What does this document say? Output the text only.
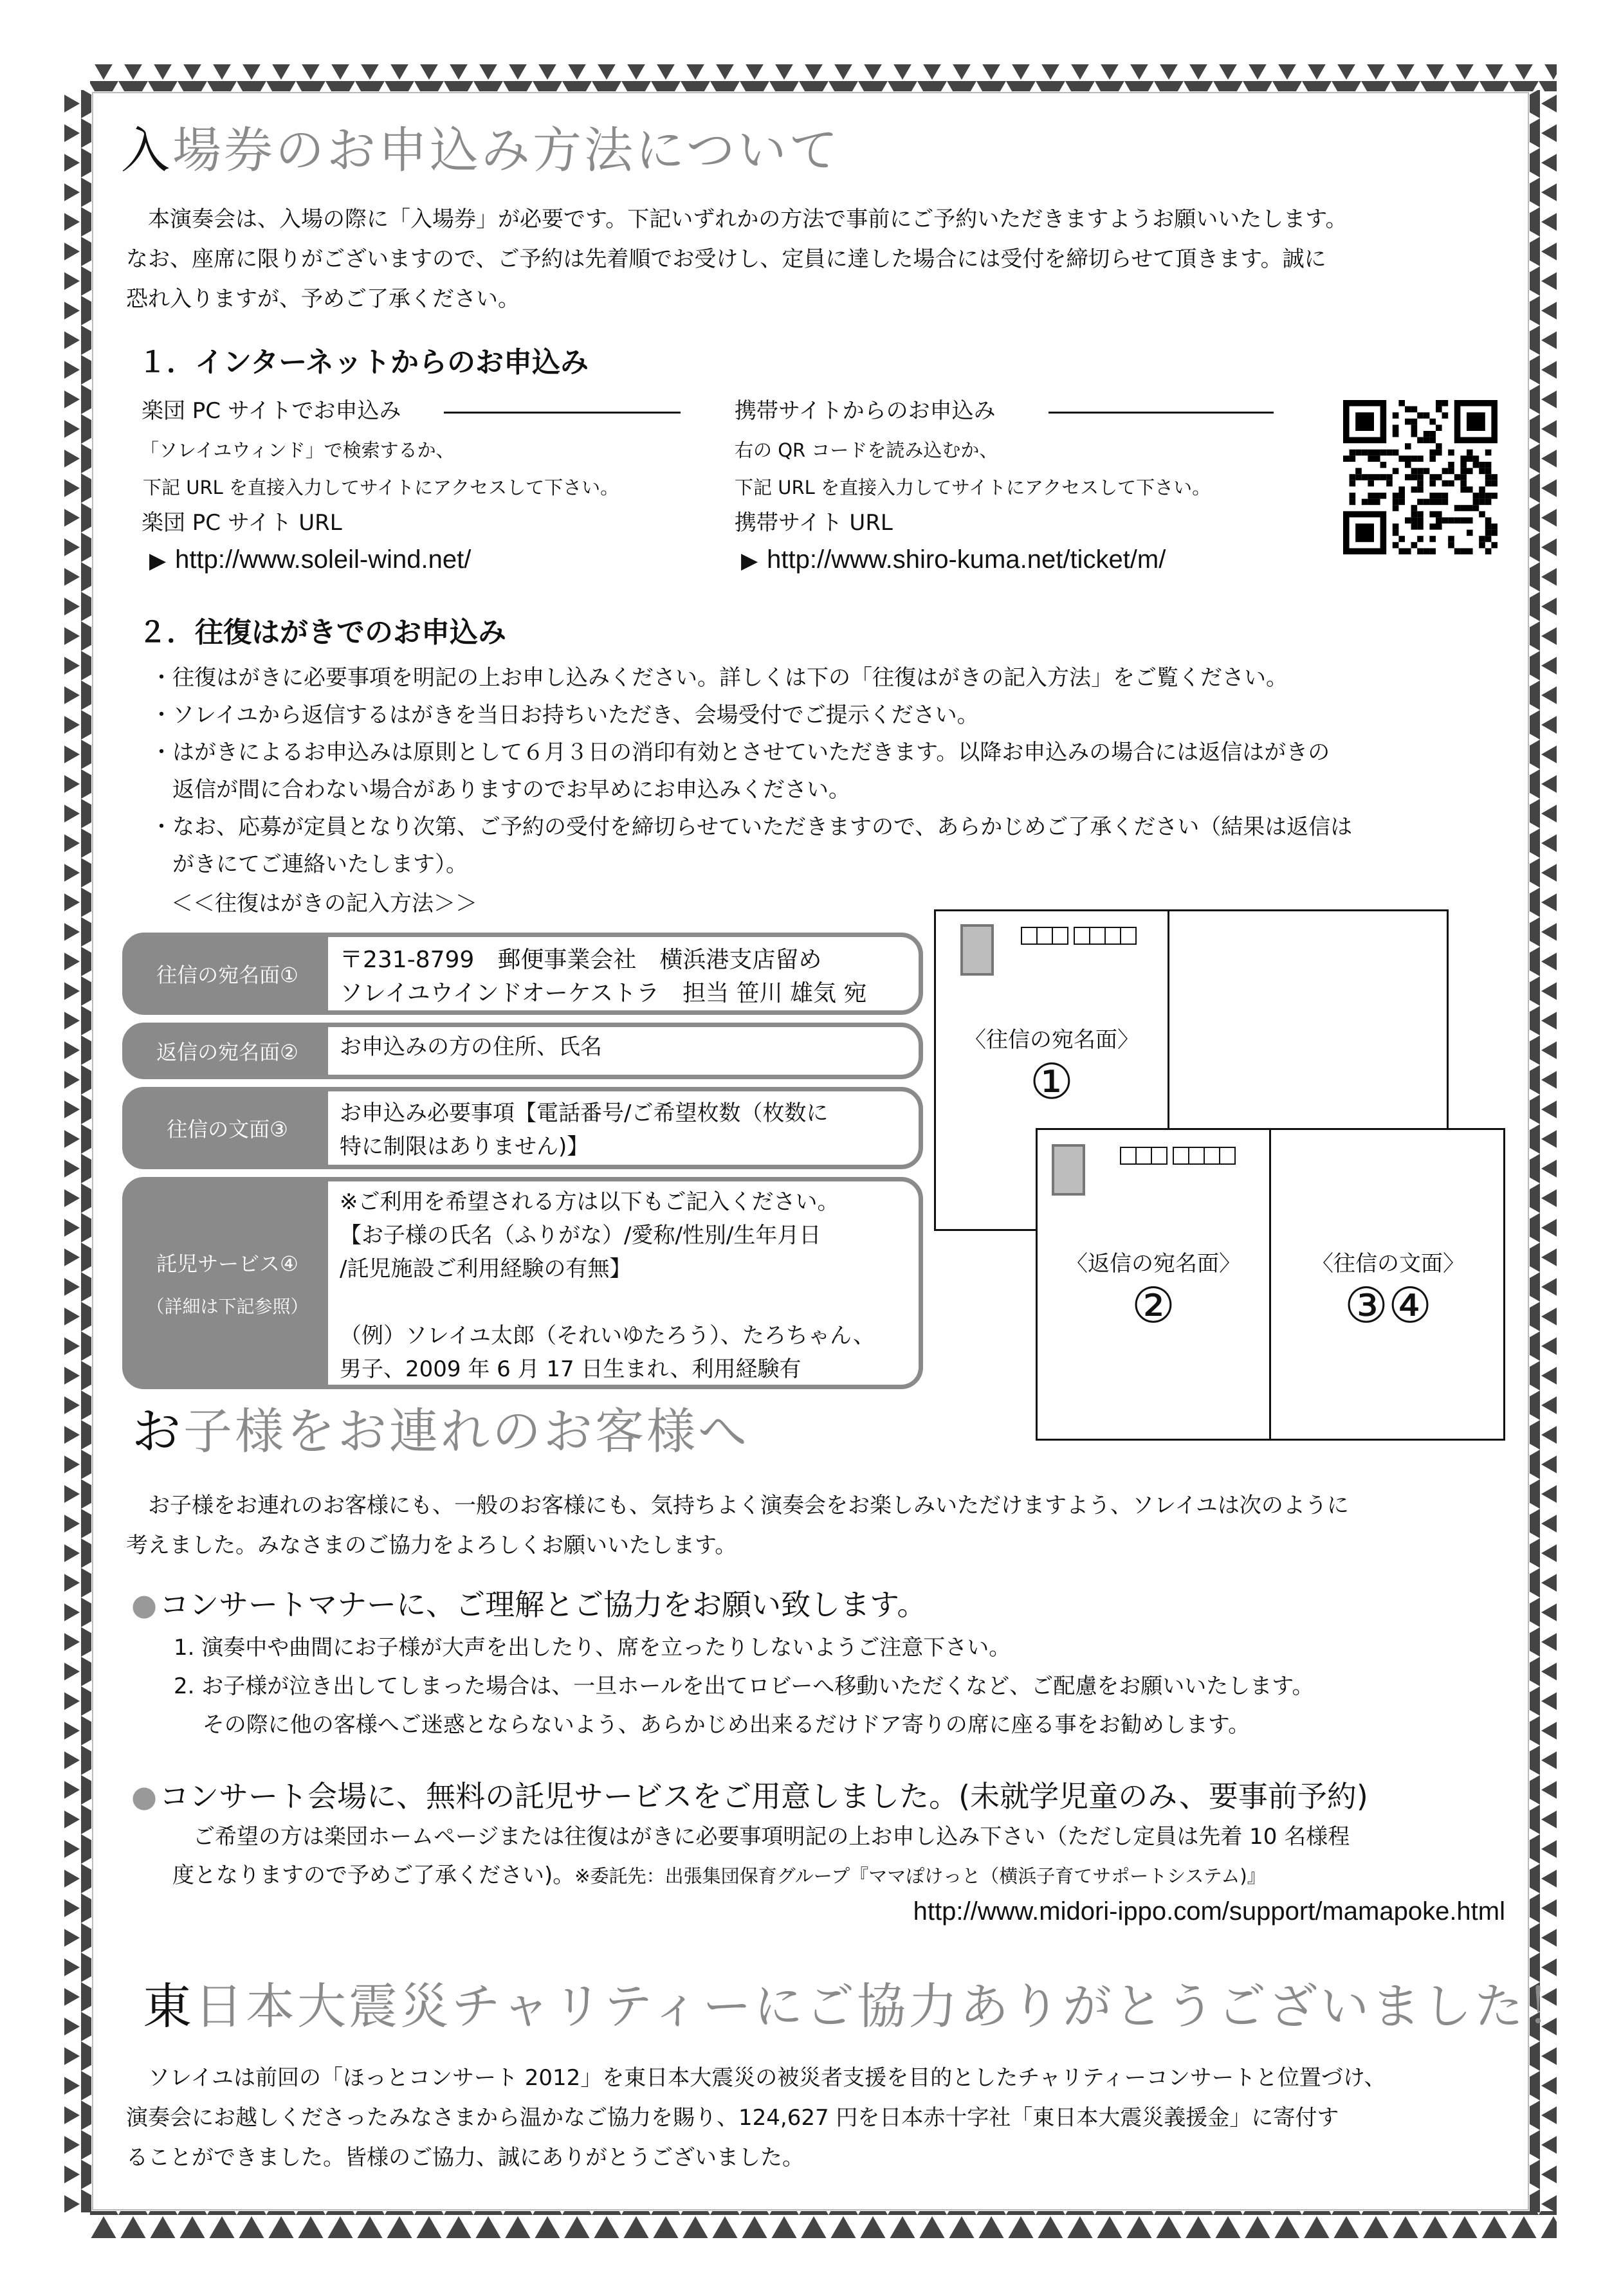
入場券のお申込み方法について
　本演奏会は、入場の際に「入場券」が必要です。下記いずれかの方法で事前にご予約いただきますようお願いいたします。
なお、座席に限りがございますので、ご予約は先着順でお受けし、定員に達した場合には受付を締切らせて頂きます。誠に
恐れ入りますが、予めご了承ください。
１．インターネットからのお申込み
楽団 PC サイトでお申込み
「ソレイユウィンド」で検索するか、
下記 URL を直接入力してサイトにアクセスして下さい。
楽団 PC サイト URL
▶ http://www.soleil-wind.net/
携帯サイトからのお申込み
右の QR コードを読み込むか、
下記 URL を直接入力してサイトにアクセスして下さい。
携帯サイト URL
▶ http://www.shiro-kuma.net/ticket/m/
２．往復はがきでのお申込み
・往復はがきに必要事項を明記の上お申し込みください。詳しくは下の「往復はがきの記入方法」をご覧ください。
・ソレイユから返信するはがきを当日お持ちいただき、会場受付でご提示ください。
・はがきによるお申込みは原則として６月３日の消印有効とさせていただきます。以降お申込みの場合には返信はがきの
　返信が間に合わない場合がありますのでお早めにお申込みください。
・なお、応募が定員となり次第、ご予約の受付を締切らせていただきますので、あらかじめご了承ください（結果は返信は
　がきにてご連絡いたします）。
＜＜往復はがきの記入方法＞＞
往信の宛名面①
〒231-8799　郵便事業会社　横浜港支店留め
ソレイユウインドオーケストラ　担当 笹川 雄気 宛
返信の宛名面②	お申込みの方の住所、氏名
往信の文面③
お申込み必要事項【電話番号/ご希望枚数（枚数に
特に制限はありません)】
託児サービス④
（詳細は下記参照）
※ご利用を希望される方は以下もご記入ください。
【お子様の氏名（ふりがな）/愛称/性別/生年月日
/託児施設ご利用経験の有無】
（例）ソレイユ太郎（それいゆたろう）、たろちゃん、
男子、2009 年 6 月 17 日生まれ、利用経験有
〈往信の宛名面〉
①
〈返信の宛名面〉
②
〈往信の文面〉
③④
お子様をお連れのお客様へ
　お子様をお連れのお客様にも、一般のお客様にも、気持ちよく演奏会をお楽しみいただけますよう、ソレイユは次のように
考えました。みなさまのご協力をよろしくお願いいたします。
●コンサートマナーに、ご理解とご協力をお願い致します。
1. 演奏中や曲間にお子様が大声を出したり、席を立ったりしないようご注意下さい。
2. お子様が泣き出してしまった場合は、一旦ホールを出てロビーへ移動いただくなど、ご配慮をお願いいたします。
　 その際に他の客様へご迷惑とならないよう、あらかじめ出来るだけドア寄りの席に座る事をお勧めします。
●コンサート会場に、無料の託児サービスをご用意しました。(未就学児童のみ、要事前予約)
ご希望の方は楽団ホームページまたは往復はがきに必要事項明記の上お申し込み下さい（ただし定員は先着 10 名様程
度となりますので予めご了承ください)。※委託先：出張集団保育グループ『ママぽけっと（横浜子育てサポートシステム)』
http://www.midori-ippo.com/support/mamapoke.html
東日本大震災チャリティーにご協力ありがとうございました！
　ソレイユは前回の「ほっとコンサート 2012」を東日本大震災の被災者支援を目的としたチャリティーコンサートと位置づけ、
演奏会にお越しくださったみなさまから温かなご協力を賜り、124,627 円を日本赤十字社「東日本大震災義援金」に寄付す
ることができました。皆様のご協力、誠にありがとうございました。
